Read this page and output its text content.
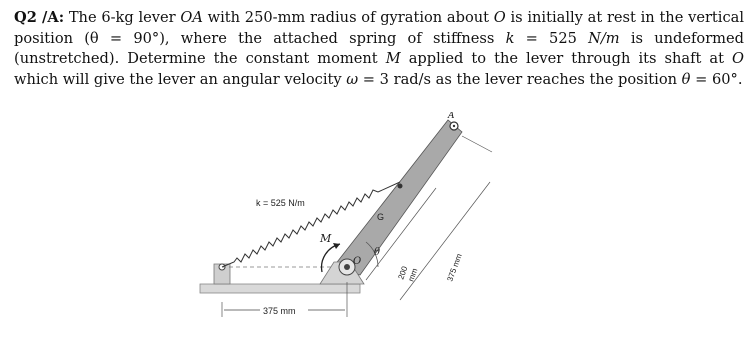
Q2 /A: The 6-kg lever OA with 250-mm radius of gyration about O is initially at rest in the vertical position (θ = 90°), where the attached spring of stiffness k = 525 N/m is undeformed (unstretched). Determine the constant moment M applied to the lever through its shaft at O which will give the lever an angular velocity ω = 3 rad/s as the lever reaches the position θ = 60°.

k = 525 N/m
375 mm
M
O
θ
G
A
200
mm	375 mm
